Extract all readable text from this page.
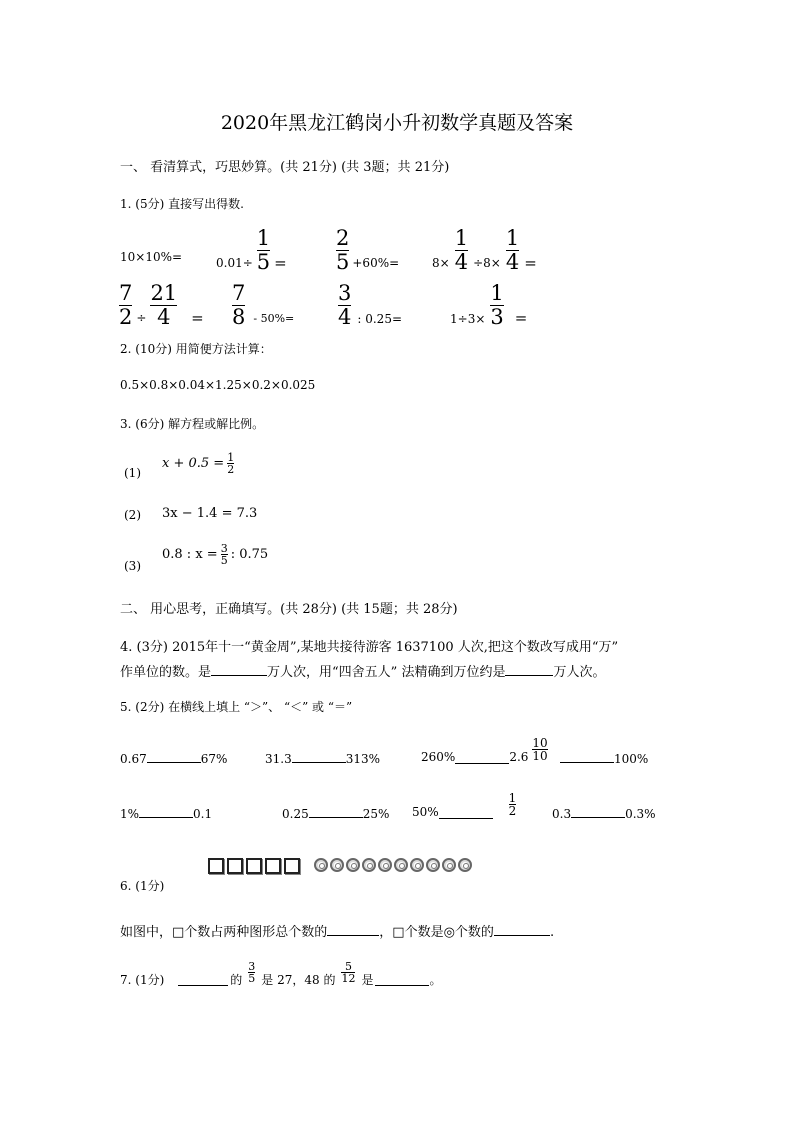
2020年黑龙江鹤岗小升初数学真题及答案
一、 看清算式，巧思妙算。(共 21分) (共 3题；共 21分)
1. (5分) 直接写出得数.
10×10%=	$0.01\div \frac{1}{5} = \frac{2}{5} +60\%=$	$8\times \frac{1}{4} \div 8\times \frac{1}{4}$ =
$\frac{7}{2} \div \frac{21}{4} = \frac{7}{8} - 50\%= \frac{3}{4}$ : 0.25=	$1\div 3\times \frac{1}{3}$ =
2. (10分) 用简便方法计算：
0.5×0.8×0.04×1.25×0.2×0.025
3. (6分) 解方程或解比例。
(1)
$x + 0.5 = \frac{1}{2}$
(2) 3x − 1.4 = 7.3
(3)
0.8 : $x = \frac{3}{5}$ : 0.75
二、 用心思考，正确填写。(共 28分) (共 15题；共 28分)
4. (3分) 2015年十一“黄金周”,某地共接待游客 1637100 人次,把这个数改写成用“万”
作单位的数。是	万人次，用“四舍五人” 法精确到万位约是	万人次。
5. (2分) 在横线上填上 “＞”、 “＜” 或 “＝”
0.67	67%	31.3	313%	260%	$2.6 \frac{10}{10}$	100%
1%	0.1	0.25	25% 50%	$\frac{1}{2}$	0.3	0.3%
6. (1分)
如图中，□个数占两种图形总个数的	，□个数是◎个数的	.
7. (1分)	的 $\frac{3}{5}$ 是 27，48 的 $\frac{5}{12}$ 是	。
